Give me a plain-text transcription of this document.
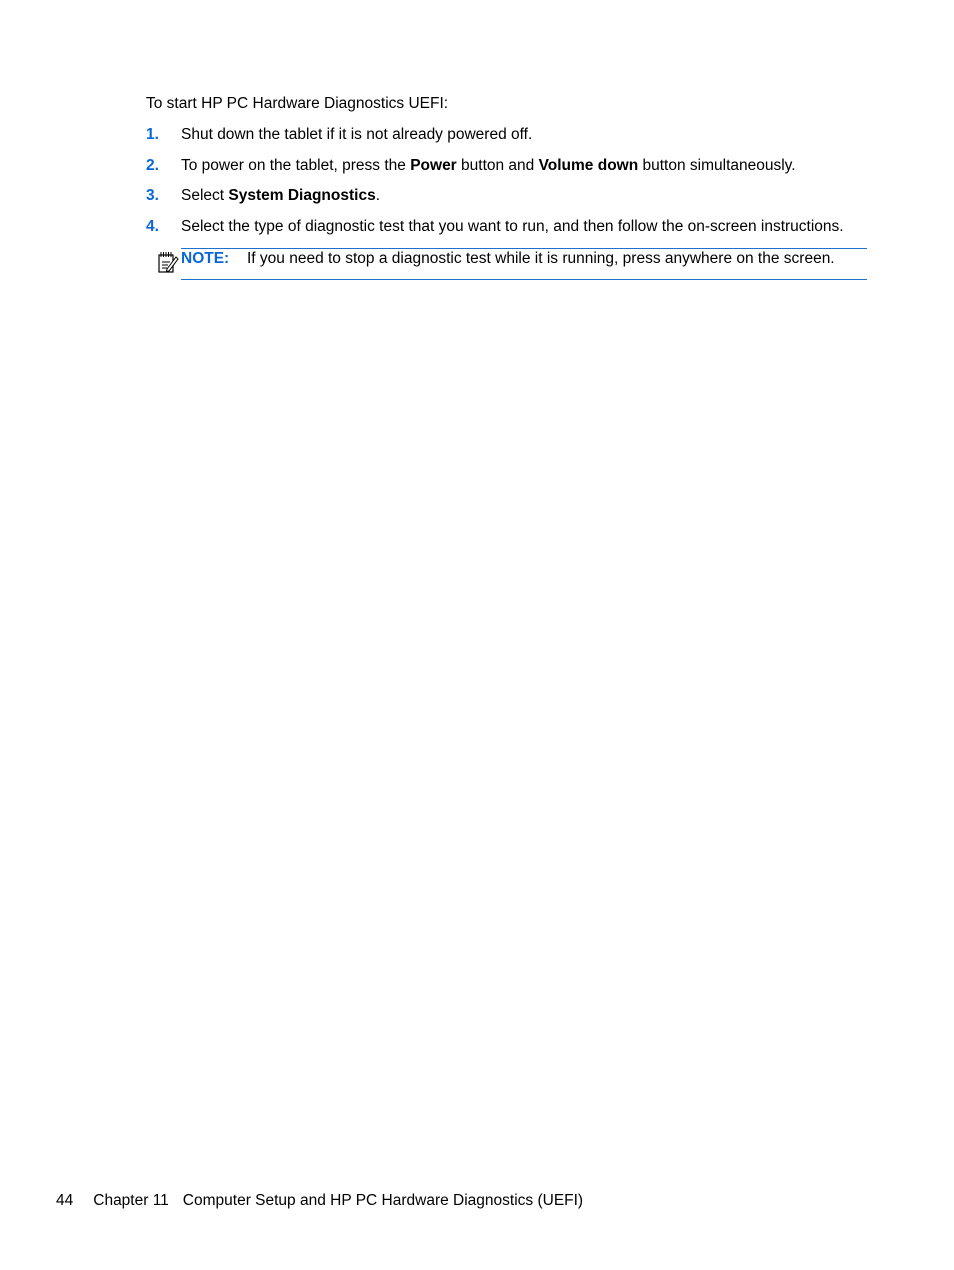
To start HP PC Hardware Diagnostics UEFI:

1. Shut down the tablet if it is not already powered off.
2. To power on the tablet, press the Power button and Volume down button simultaneously.
3. Select System Diagnostics.
4. Select the type of diagnostic test that you want to run, and then follow the on-screen instructions.
NOTE: If you need to stop a diagnostic test while it is running, press anywhere on the screen.
44 Chapter 11 Computer Setup and HP PC Hardware Diagnostics (UEFI)
